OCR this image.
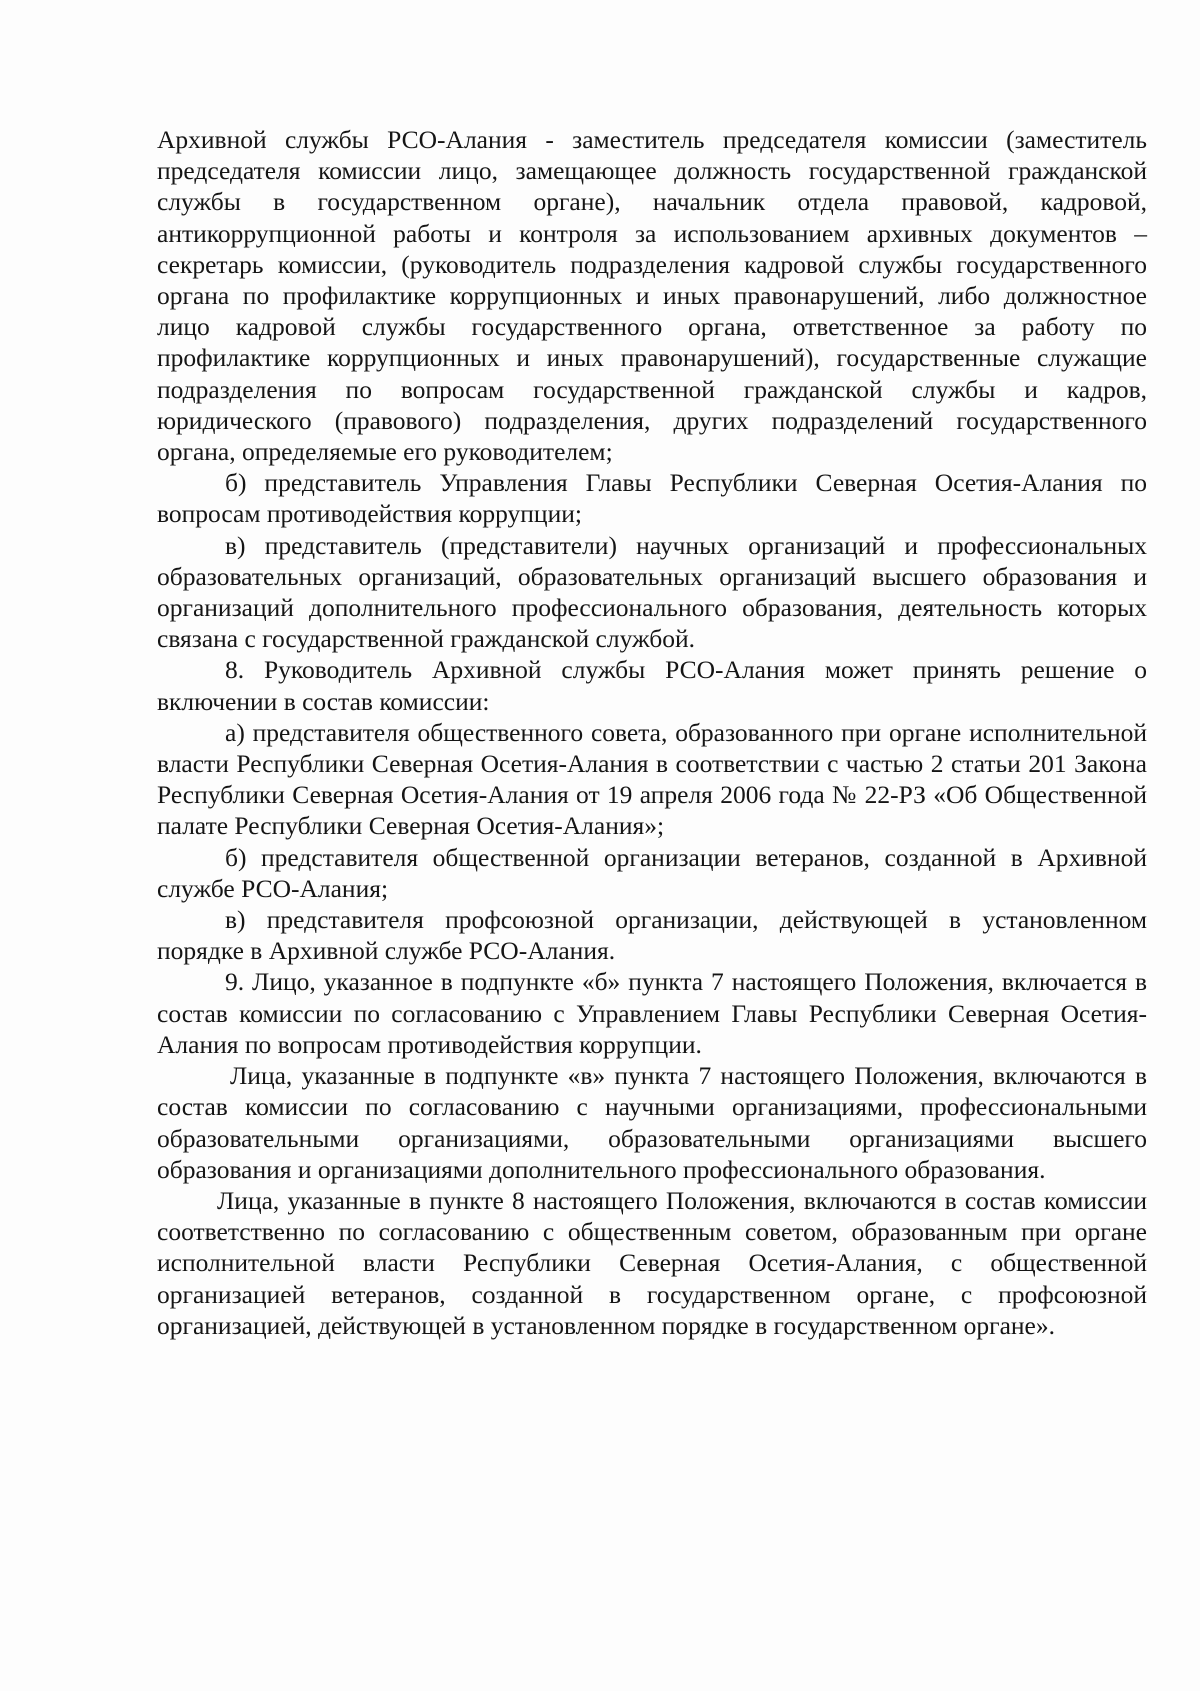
Архивной службы РСО-Алания - заместитель председателя комиссии (заместитель председателя комиссии лицо, замещающее должность государственной гражданской службы в государственном органе), начальник отдела правовой, кадровой, антикоррупционной работы и контроля за использованием архивных документов – секретарь комиссии, (руководитель подразделения кадровой службы государственного органа по профилактике коррупционных и иных правонарушений, либо должностное лицо кадровой службы государственного органа, ответственное за работу по профилактике коррупционных и иных правонарушений), государственные служащие подразделения по вопросам государственной гражданской службы и кадров, юридического (правового) подразделения, других подразделений государственного органа, определяемые его руководителем;

б) представитель Управления Главы Республики Северная Осетия-Алания по вопросам противодействия коррупции;

в) представитель (представители) научных организаций и профессиональных образовательных организаций, образовательных организаций высшего образования и организаций дополнительного профессионального образования, деятельность которых связана с государственной гражданской службой.

8. Руководитель Архивной службы РСО-Алания может принять решение о включении в состав комиссии:

а) представителя общественного совета, образованного при органе исполнительной власти Республики Северная Осетия-Алания в соответствии с частью 2 статьи 201 Закона Республики Северная Осетия-Алания от 19 апреля 2006 года № 22-РЗ «Об Общественной палате Республики Северная Осетия-Алания»;

б) представителя общественной организации ветеранов, созданной в Архивной службе РСО-Алания;

в) представителя профсоюзной организации, действующей в установленном порядке в Архивной службе РСО-Алания.

9. Лицо, указанное в подпункте «б» пункта 7 настоящего Положения, включается в состав комиссии по согласованию с Управлением Главы Республики Северная Осетия-Алания по вопросам противодействия коррупции.

Лица, указанные в подпункте «в» пункта 7 настоящего Положения, включаются в состав комиссии по согласованию с научными организациями, профессиональными образовательными организациями, образовательными организациями высшего образования и организациями дополнительного профессионального образования.

Лица, указанные в пункте 8 настоящего Положения, включаются в состав комиссии соответственно по согласованию с общественным советом, образованным при органе исполнительной власти Республики Северная Осетия-Алания, с общественной организацией ветеранов, созданной в государственном органе, с профсоюзной организацией, действующей в установленном порядке в государственном органе».
